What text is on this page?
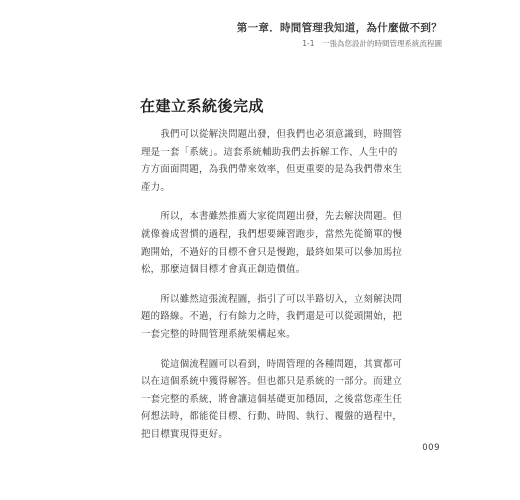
第一章．時間管理我知道，為什麼做不到？
1-1　一張為您設計的時間管理系統流程圖
在建立系統後完成

　　我們可以從解決問題出發，但我們也必須意識到，時間管
理是一套「系統」。這套系統輔助我們去拆解工作、人生中的
方方面面問題，為我們帶來效率，但更重要的是為我們帶來生
產力。

　　所以，本書雖然推薦大家從問題出發，先去解決問題。但
就像養成習慣的過程，我們想要練習跑步，當然先從簡單的慢
跑開始，不過好的目標不會只是慢跑，最終如果可以參加馬拉
松，那麼這個目標才會真正創造價值。

　　所以雖然這張流程圖，指引了可以半路切入，立刻解決問
題的路線。不過，行有餘力之時，我們還是可以從頭開始，把
一套完整的時間管理系統架構起來。

　　從這個流程圖可以看到，時間管理的各種問題，其實都可
以在這個系統中獲得解答。但也都只是系統的一部分。而建立
一套完整的系統，將會讓這個基礎更加穩固，之後當您產生任
何想法時，都能從目標、行動、時間、執行、覆盤的過程中，
把目標實現得更好。

009
